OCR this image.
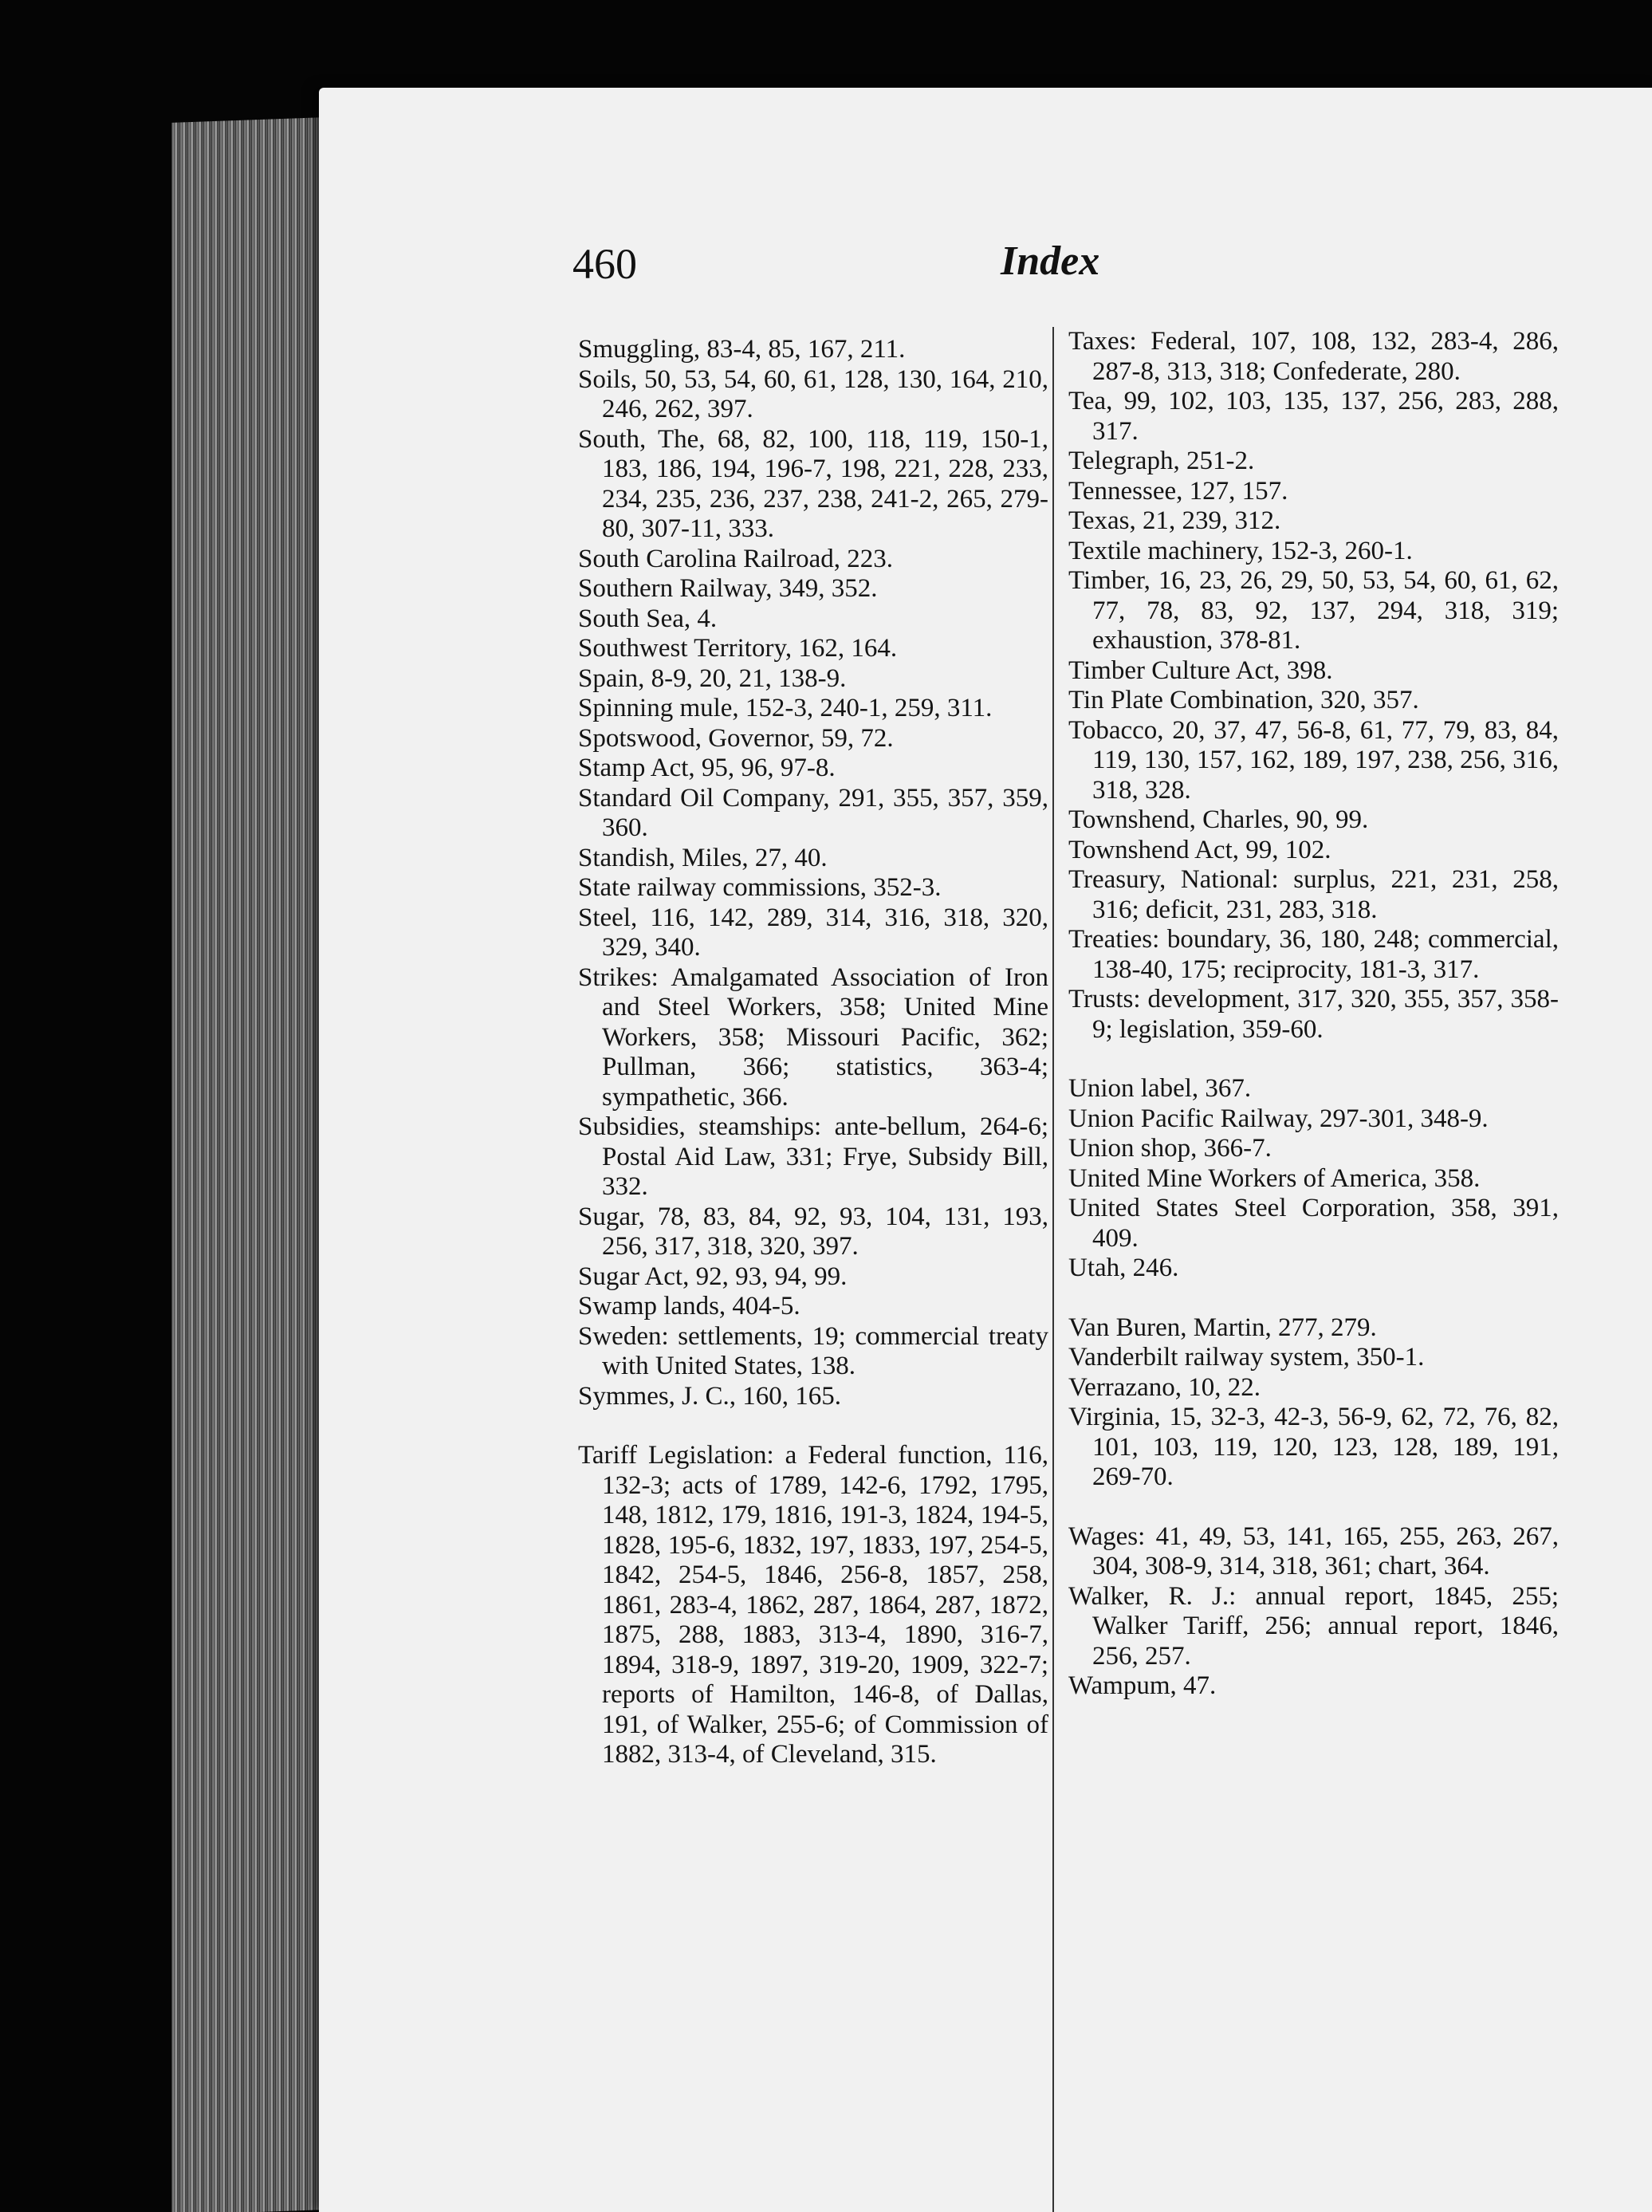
460	Index
Smuggling, 83-4, 85, 167, 211.
Soils, 50, 53, 54, 60, 61, 128, 130, 164, 210, 246, 262, 397.
South, The, 68, 82, 100, 118, 119, 150-1, 183, 186, 194, 196-7, 198, 221, 228, 233, 234, 235, 236, 237, 238, 241-2, 265, 279-80, 307-11, 333.
South Carolina Railroad, 223.
Southern Railway, 349, 352.
South Sea, 4.
Southwest Territory, 162, 164.
Spain, 8-9, 20, 21, 138-9.
Spinning mule, 152-3, 240-1, 259, 311.
Spotswood, Governor, 59, 72.
Stamp Act, 95, 96, 97-8.
Standard Oil Company, 291, 355, 357, 359, 360.
Standish, Miles, 27, 40.
State railway commissions, 352-3.
Steel, 116, 142, 289, 314, 316, 318, 320, 329, 340.
Strikes: Amalgamated Association of Iron and Steel Workers, 358; United Mine Workers, 358; Missouri Pacific, 362; Pullman, 366; statistics, 363-4; sympathetic, 366.
Subsidies, steamships: ante-bellum, 264-6; Postal Aid Law, 331; Frye, Subsidy Bill, 332.
Sugar, 78, 83, 84, 92, 93, 104, 131, 193, 256, 317, 318, 320, 397.
Sugar Act, 92, 93, 94, 99.
Swamp lands, 404-5.
Sweden: settlements, 19; commercial treaty with United States, 138.
Symmes, J. C., 160, 165.
Tariff Legislation: a Federal function, 116, 132-3; acts of 1789, 142-6, 1792, 1795, 148, 1812, 179, 1816, 191-3, 1824, 194-5, 1828, 195-6, 1832, 197, 1833, 197, 254-5, 1842, 254-5, 1846, 256-8, 1857, 258, 1861, 283-4, 1862, 287, 1864, 287, 1872, 1875, 288, 1883, 313-4, 1890, 316-7, 1894, 318-9, 1897, 319-20, 1909, 322-7; reports of Hamilton, 146-8, of Dallas, 191, of Walker, 255-6; of Commission of 1882, 313-4, of Cleveland, 315.
Taxes: Federal, 107, 108, 132, 283-4, 286, 287-8, 313, 318; Confederate, 280.
Tea, 99, 102, 103, 135, 137, 256, 283, 288, 317.
Telegraph, 251-2.
Tennessee, 127, 157.
Texas, 21, 239, 312.
Textile machinery, 152-3, 260-1.
Timber, 16, 23, 26, 29, 50, 53, 54, 60, 61, 62, 77, 78, 83, 92, 137, 294, 318, 319; exhaustion, 378-81.
Timber Culture Act, 398.
Tin Plate Combination, 320, 357.
Tobacco, 20, 37, 47, 56-8, 61, 77, 79, 83, 84, 119, 130, 157, 162, 189, 197, 238, 256, 316, 318, 328.
Townshend, Charles, 90, 99.
Townshend Act, 99, 102.
Treasury, National: surplus, 221, 231, 258, 316; deficit, 231, 283, 318.
Treaties: boundary, 36, 180, 248; commercial, 138-40, 175; reciprocity, 181-3, 317.
Trusts: development, 317, 320, 355, 357, 358-9; legislation, 359-60.
Union label, 367.
Union Pacific Railway, 297-301, 348-9.
Union shop, 366-7.
United Mine Workers of America, 358.
United States Steel Corporation, 358, 391, 409.
Utah, 246.
Van Buren, Martin, 277, 279.
Vanderbilt railway system, 350-1.
Verrazano, 10, 22.
Virginia, 15, 32-3, 42-3, 56-9, 62, 72, 76, 82, 101, 103, 119, 120, 123, 128, 189, 191, 269-70.
Wages: 41, 49, 53, 141, 165, 255, 263, 267, 304, 308-9, 314, 318, 361; chart, 364.
Walker, R. J.: annual report, 1845, 255; Walker Tariff, 256; annual report, 1846, 256, 257.
Wampum, 47.
